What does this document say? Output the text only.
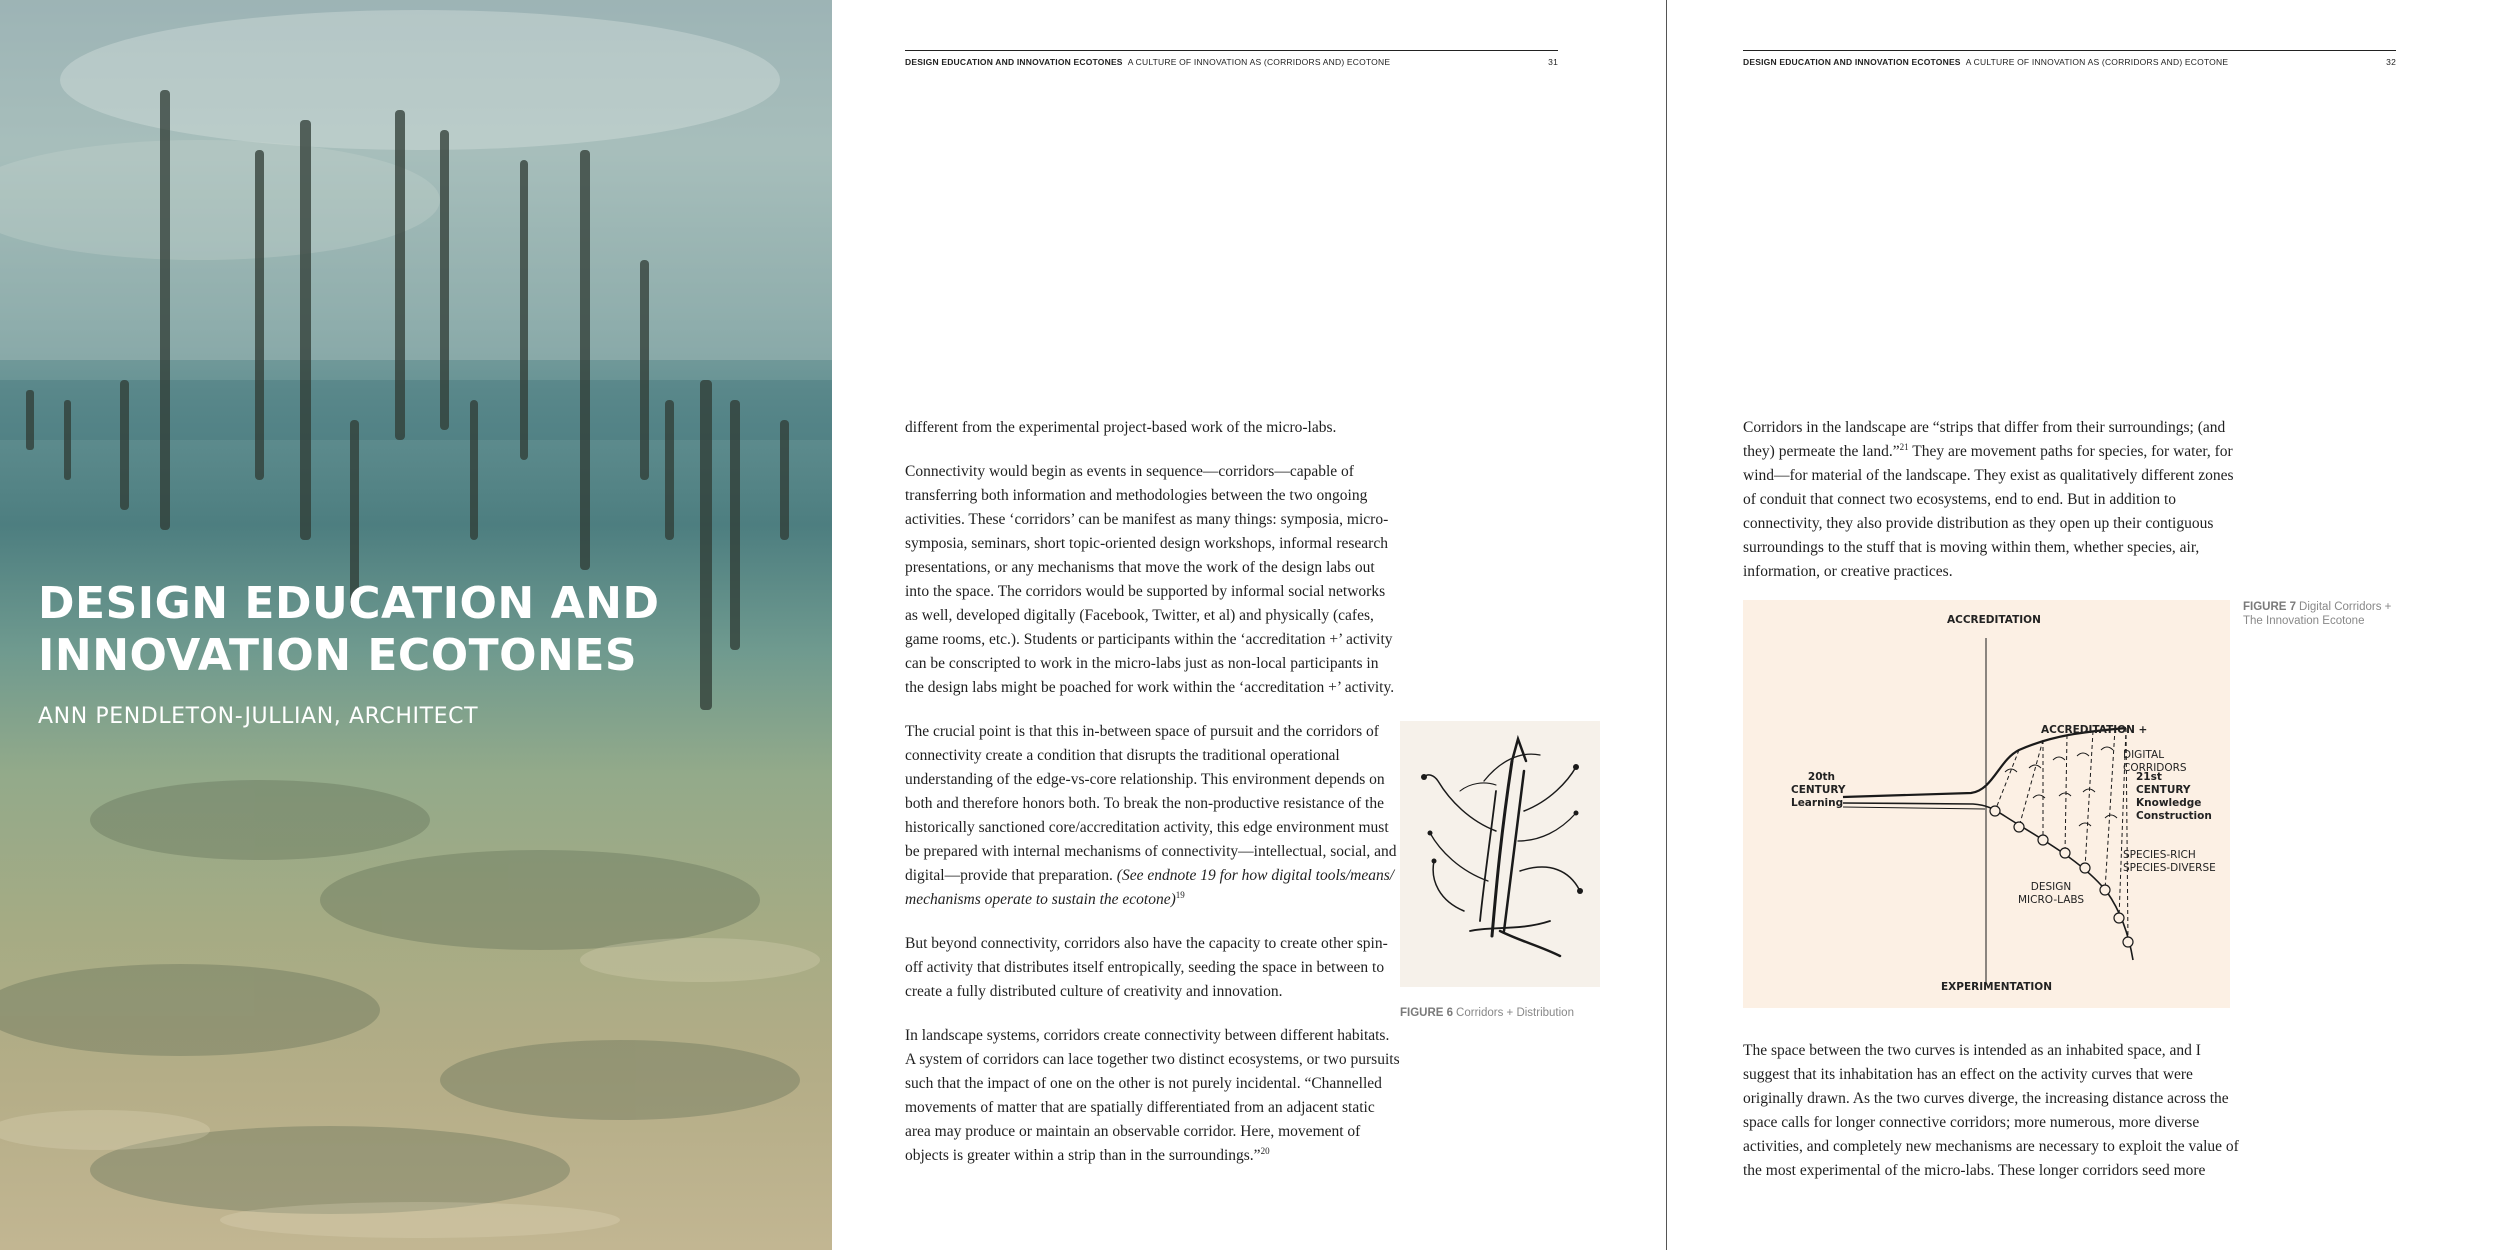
DESIGN EDUCATION AND
INNOVATION ECOTONES
ANN PENDLETON-JULLIAN, ARCHITECT
DESIGN EDUCATION AND INNOVATION ECOTONES A CULTURE OF INNOVATION AS (CORRIDORS AND) ECOTONE	31

different from the experimental project-based work of the micro-labs.

Connectivity would begin as events in sequence—corridors—capable of transferring both information and methodologies between the two ongoing activities. These ‘corridors’ can be manifest as many things: symposia, micro-symposia, seminars, short topic-oriented design workshops, informal research presentations, or any mechanisms that move the work of the design labs out into the space. The corridors would be supported by informal social networks as well, developed digitally (Facebook, Twitter, et al) and physically (cafes, game rooms, etc.). Students or participants within the ‘accreditation +’ activity can be conscripted to work in the micro-labs just as non-local participants in the design labs might be poached for work within the ‘accreditation +’ activity.

The crucial point is that this in-between space of pursuit and the corridors of connectivity create a condition that disrupts the traditional operational understanding of the edge-vs-core relationship. This environment depends on both and therefore honors both. To break the non-productive resistance of the historically sanctioned core/accreditation activity, this edge environment must be prepared with internal mechanisms of connectivity—intellectual, social, and digital—provide that preparation. (See endnote 19 for how digital tools/means/ mechanisms operate to sustain the ecotone)$^{19}$

But beyond connectivity, corridors also have the capacity to create other spin-off activity that distributes itself entropically, seeding the space in between to create a fully distributed culture of creativity and innovation.

In landscape systems, corridors create connectivity between different habitats. A system of corridors can lace together two distinct ecosystems, or two pursuits such that the impact of one on the other is not purely incidental. “Channelled movements of matter that are spatially differentiated from an adjacent static area may produce or maintain an observable corridor. Here, movement of objects is greater within a strip than in the surroundings.”$^{20}$

FIGURE 6 Corridors + Distribution
DESIGN EDUCATION AND INNOVATION ECOTONES A CULTURE OF INNOVATION AS (CORRIDORS AND) ECOTONE	32

Corridors in the landscape are “strips that differ from their surroundings; (and they) permeate the land.”$^{21}$ They are movement paths for species, for water, for wind—for material of the landscape. They exist as qualitatively different zones of conduit that connect two ecosystems, end to end. But in addition to connectivity, they also provide distribution as they open up their contiguous surroundings to the stuff that is moving within them, whether species, air, information, or creative practices.

ACCREDITATION
EXPERIMENTATION
ACCREDITATION +
DIGITAL CORRIDORS
20th
CENTURY
Learning
21st
CENTURY
Knowledge
Construction
SPECIES-RICH
SPECIES-DIVERSE
DESIGN
MICRO-LABS
FIGURE 7 Digital Corridors + The Innovation Ecotone

The space between the two curves is intended as an inhabited space, and I suggest that its inhabitation has an effect on the activity curves that were originally drawn. As the two curves diverge, the increasing distance across the space calls for longer connective corridors; more numerous, more diverse activities, and completely new mechanisms are necessary to exploit the value of the most experimental of the micro-labs. These longer corridors seed more
